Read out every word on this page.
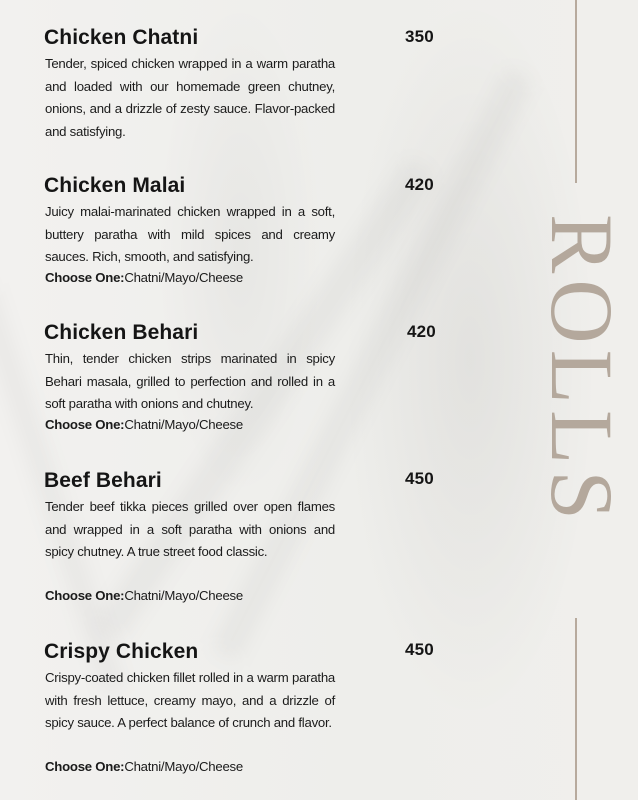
Chicken Chatni	350
Tender, spiced chicken wrapped in a warm paratha and loaded with our homemade green chutney, onions, and a drizzle of zesty sauce. Flavor-packed and satisfying.
Chicken Malai	420
Juicy malai-marinated chicken wrapped in a soft, buttery paratha with mild spices and creamy sauces. Rich, smooth, and satisfying.
Choose One:Chatni/Mayo/Cheese
Chicken Behari	420
Thin, tender chicken strips marinated in spicy Behari masala, grilled to perfection and rolled in a soft paratha with onions and chutney.
Choose One:Chatni/Mayo/Cheese
Beef Behari	450
Tender beef tikka pieces grilled over open flames and wrapped in a soft paratha with onions and spicy chutney. A true street food classic.
Choose One:Chatni/Mayo/Cheese
Crispy Chicken	450
Crispy-coated chicken fillet rolled in a warm paratha with fresh lettuce, creamy mayo, and a drizzle of spicy sauce. A perfect balance of crunch and flavor.
Choose One:Chatni/Mayo/Cheese
ROLLS
